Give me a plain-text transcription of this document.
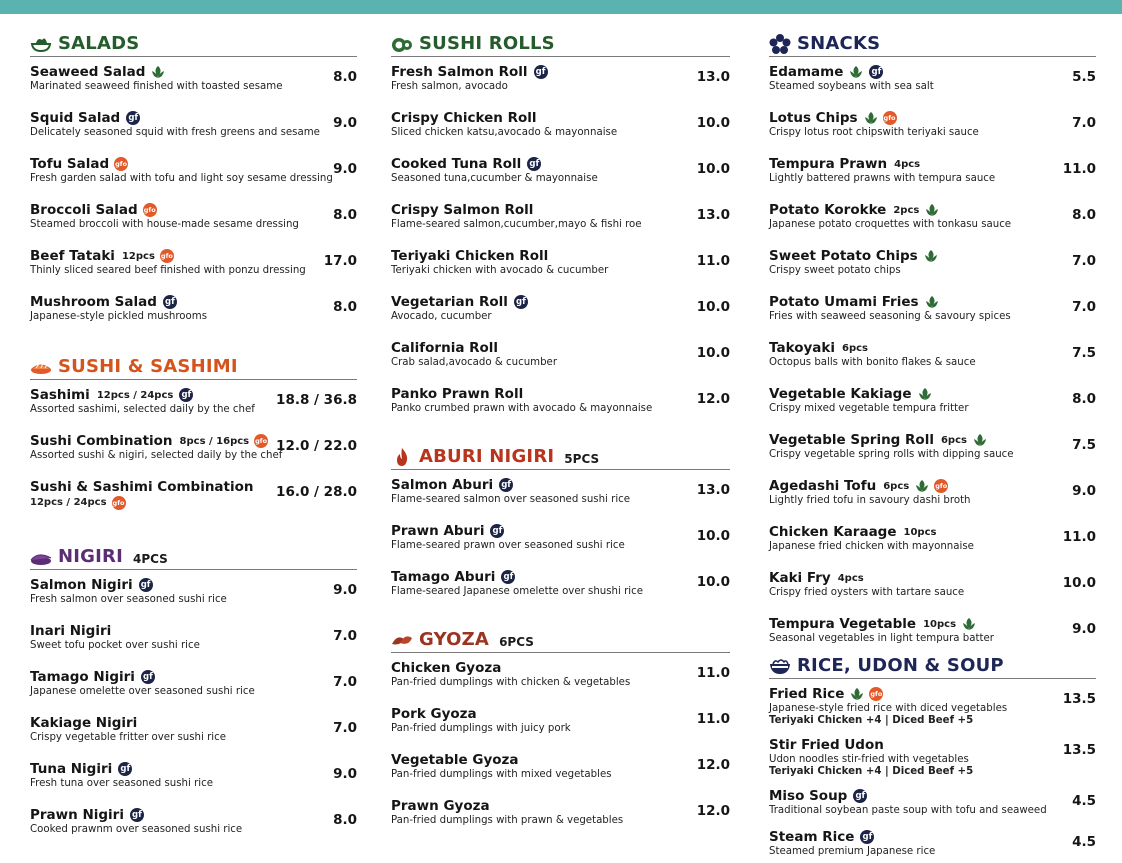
SALADS
Seaweed Salad	8.0
Marinated seaweed finished with toasted sesame
Squid Salad gf	9.0
Delicately seasoned squid with fresh greens and sesame
Tofu Salad gfo	9.0
Fresh garden salad with tofu and light soy sesame dressing
Broccoli Salad gfo	8.0
Steamed broccoli with house-made sesame dressing
Beef Tataki 12pcs gfo	17.0
Thinly sliced seared beef finished with ponzu dressing
Mushroom Salad gf	8.0
Japanese-style pickled mushrooms
SUSHI & SASHIMI
Sashimi 12pcs / 24pcs gf	18.8 / 36.8
Assorted sashimi, selected daily by the chef
Sushi Combination 8pcs / 16pcs gfo 12.0 / 22.0
Assorted sushi & nigiri, selected daily by the chef
Sushi & Sashimi Combination 16.0 / 28.0
12pcs / 24pcs gfo
NIGIRI 4PCS
Salmon Nigiri gf	9.0
Fresh salmon over seasoned sushi rice
Inari Nigiri	7.0
Sweet tofu pocket over sushi rice
Tamago Nigiri gf	7.0
Japanese omelette over seasoned sushi rice
Kakiage Nigiri	7.0
Crispy vegetable fritter over sushi rice
Tuna Nigiri gf	9.0
Fresh tuna over seasoned sushi rice
Prawn Nigiri gf	8.0
Cooked prawnm over seasoned sushi rice
SUSHI ROLLS
Fresh Salmon Roll gf	13.0
Fresh salmon, avocado
Crispy Chicken Roll	10.0
Sliced chicken katsu,avocado & mayonnaise
Cooked Tuna Roll gf	10.0
Seasoned tuna,cucumber & mayonnaise
Crispy Salmon Roll	13.0
Flame-seared salmon,cucumber,mayo & fishi roe
Teriyaki Chicken Roll	11.0
Teriyaki chicken with avocado & cucumber
Vegetarian Roll gf	10.0
Avocado, cucumber
California Roll	10.0
Crab salad,avocado & cucumber
Panko Prawn Roll	12.0
Panko crumbed prawn with avocado & mayonnaise
ABURI NIGIRI 5PCS
Salmon Aburi gf	13.0
Flame-seared salmon over seasoned sushi rice
Prawn Aburi gf	10.0
Flame-seared prawn over seasoned sushi rice
Tamago Aburi gf	10.0
Flame-seared Japanese omelette over shushi rice
GYOZA 6PCS
Chicken Gyoza	11.0
Pan-fried dumplings with chicken & vegetables
Pork Gyoza	11.0
Pan-fried dumplings with juicy pork
Vegetable Gyoza	12.0
Pan-fried dumplings with mixed vegetables
Prawn Gyoza	12.0
Pan-fried dumplings with prawn & vegetables
SNACKS
Edamame	gf	5.5
Steamed soybeans with sea salt
Lotus Chips	gfo	7.0
Crispy lotus root chipswith teriyaki sauce
Tempura Prawn 4pcs	11.0
Lightly battered prawns with tempura sauce
Potato Korokke 2pcs	8.0
Japanese potato croquettes with tonkasu sauce
Sweet Potato Chips	7.0
Crispy sweet potato chips
Potato Umami Fries	7.0
Fries with seaweed seasoning & savoury spices
Takoyaki 6pcs	7.5
Octopus balls with bonito flakes & sauce
Vegetable Kakiage	8.0
Crispy mixed vegetable tempura fritter
Vegetable Spring Roll 6pcs	7.5
Crispy vegetable spring rolls with dipping sauce
Agedashi Tofu 6pcs	gfo	9.0
Lightly fried tofu in savoury dashi broth
Chicken Karaage 10pcs	11.0
Japanese fried chicken with mayonnaise
Kaki Fry 4pcs	10.0
Crispy fried oysters with tartare sauce
Tempura Vegetable 10pcs	9.0
Seasonal vegetables in light tempura batter
RICE, UDON & SOUP
Fried Rice	gfo	13.5
Japanese-style fried rice with diced vegetables
Teriyaki Chicken +4 | Diced Beef +5
Stir Fried Udon	13.5
Udon noodles stir-fried with vegetables
Teriyaki Chicken +4 | Diced Beef +5
Miso Soup gf	4.5
Traditional soybean paste soup with tofu and seaweed
Steam Rice gf	4.5
Steamed premium Japanese rice
